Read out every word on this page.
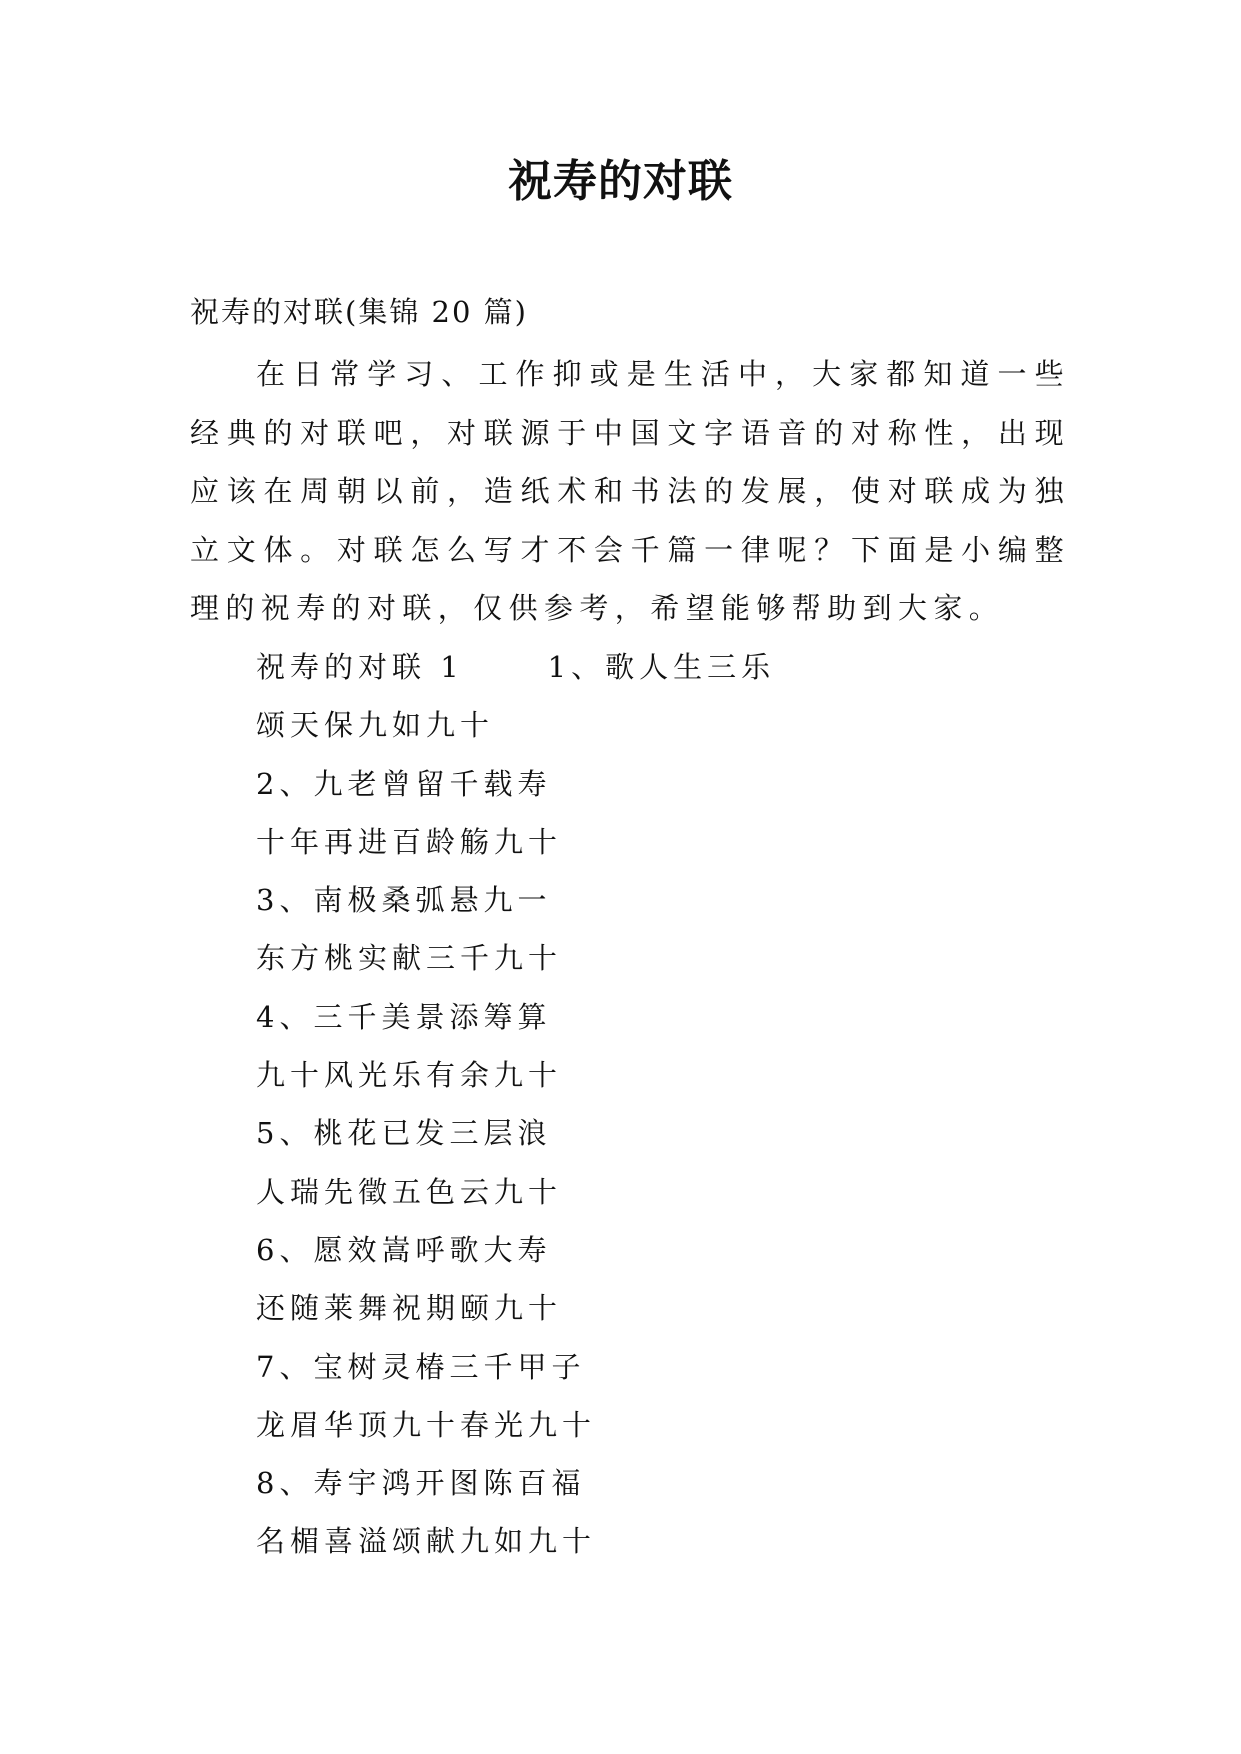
祝寿的对联
祝寿的对联(集锦 20 篇)

在日常学习、工作抑或是生活中，大家都知道一些经典的对联吧，对联源于中国文字语音的对称性，出现应该在周朝以前，造纸术和书法的发展，使对联成为独立文体。对联怎么写才不会千篇一律呢？下面是小编整理的祝寿的对联，仅供参考，希望能够帮助到大家。

祝寿的对联 1	1、歌人生三乐
颂天保九如九十
2、九老曾留千载寿
十年再进百龄觞九十
3、南极桑弧悬九一
东方桃实献三千九十
4、三千美景添筹算
九十风光乐有余九十
5、桃花已发三层浪
人瑞先徵五色云九十
6、愿效嵩呼歌大寿
还随莱舞祝期颐九十
7、宝树灵椿三千甲子
龙眉华顶九十春光九十
8、寿宇鸿开图陈百福
名楣喜溢颂献九如九十
